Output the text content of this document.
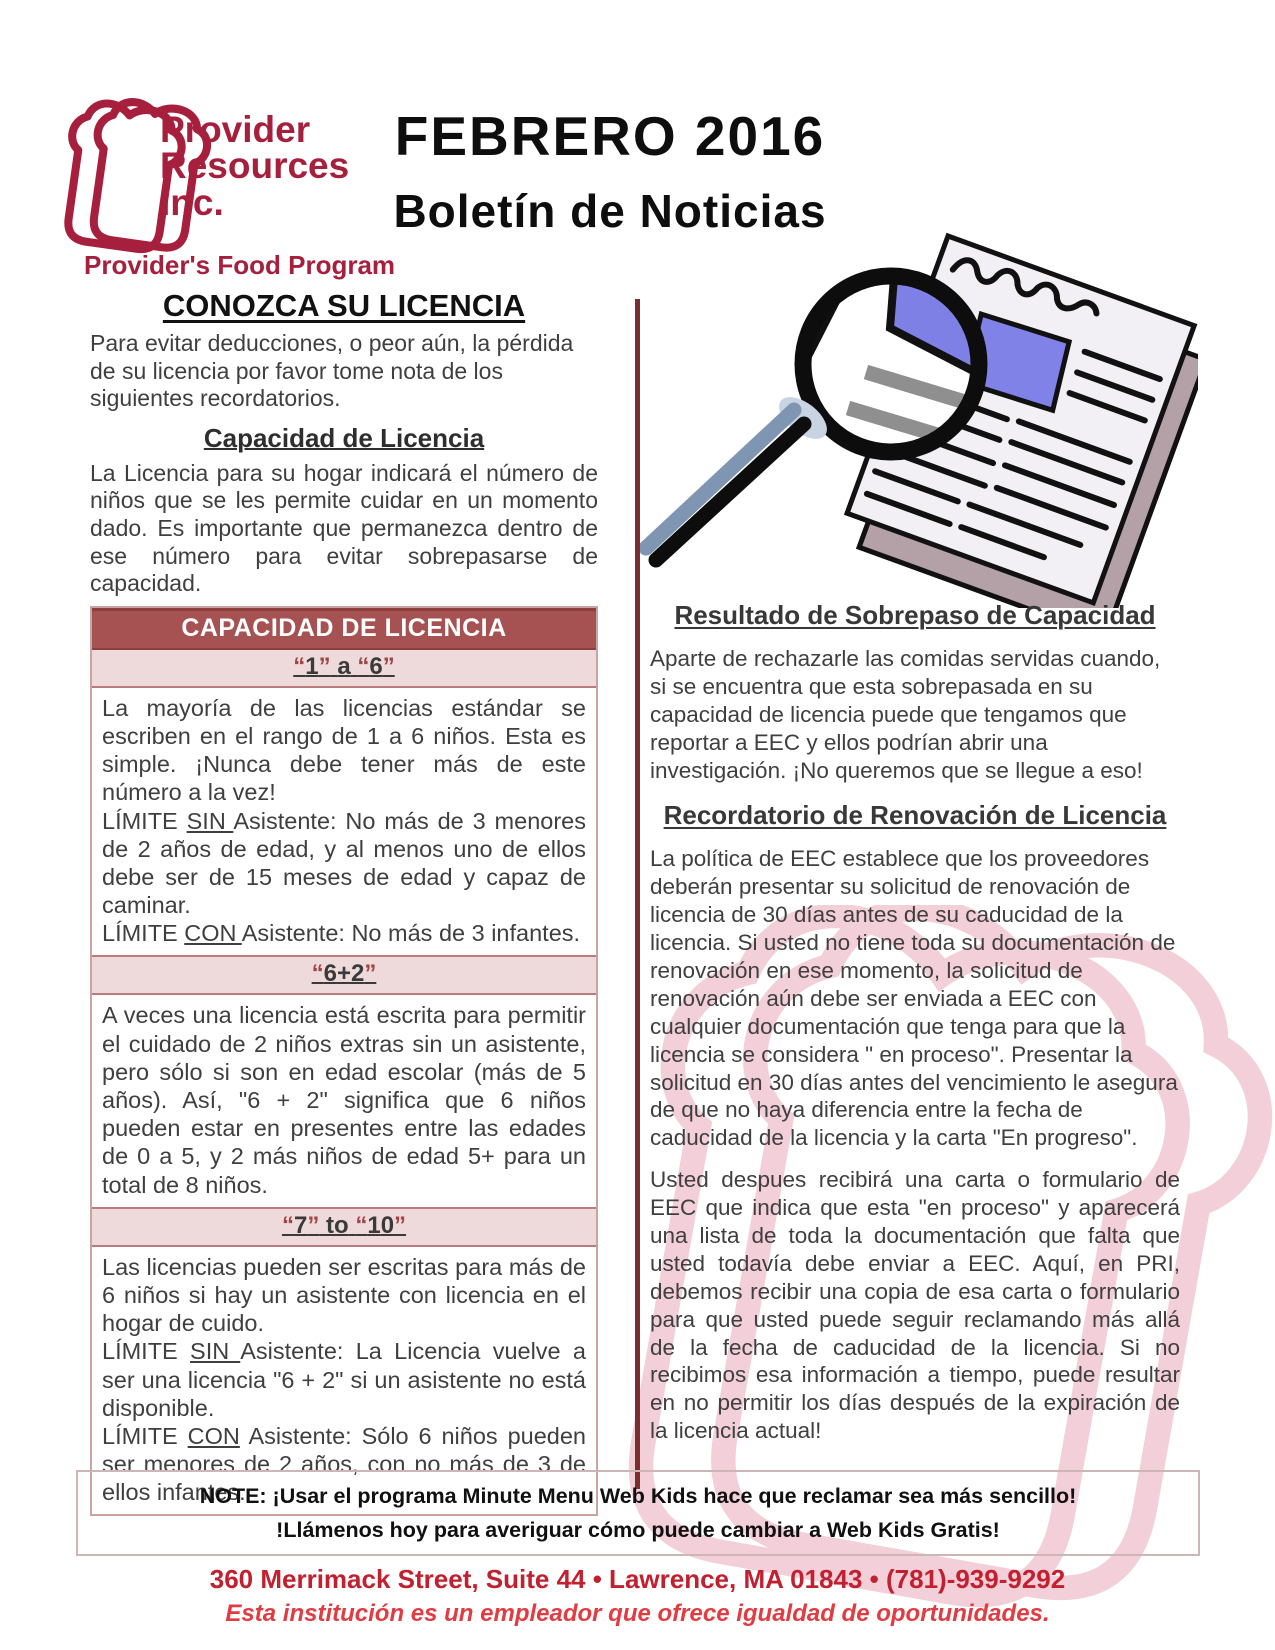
Provider
Resources
Inc.
Provider's Food Program
FEBRERO 2016
Boletín de Noticias
CONOZCA SU LICENCIA

Para evitar deducciones, o peor aún, la pérdida de su licencia por favor tome nota de los siguientes recordatorios.

Capacidad de Licencia

La Licencia para su hogar indicará el número de niños que se les permite cuidar en un momento dado. Es importante que permanezca dentro de ese número para evitar sobrepasarse de capacidad.

CAPACIDAD DE LICENCIA
“1” a “6”

La mayoría de las licencias estándar se escriben en el rango de 1 a 6 niños. Esta es simple. ¡Nunca debe tener más de este número a la vez!

LÍMITE SIN Asistente: No más de 3 menores de 2 años de edad, y al menos uno de ellos debe ser de 15 meses de edad y capaz de caminar.

LÍMITE CON Asistente: No más de 3 infantes.

“6+2”

A veces una licencia está escrita para permitir el cuidado de 2 niños extras sin un asistente, pero sólo si son en edad escolar (más de 5 años). Así, "6 + 2" significa que 6 niños pueden estar en presentes entre las edades de 0 a 5, y 2 más niños de edad 5+ para un total de 8 niños.

“7” to “10”

Las licencias pueden ser escritas para más de 6 niños si hay un asistente con licencia en el hogar de cuido.

LÍMITE SIN Asistente: La Licencia vuelve a ser una licencia "6 + 2" si un asistente no está disponible.

LÍMITE CON Asistente: Sólo 6 niños pueden ser menores de 2 años, con no más de 3 de ellos infantes.

Resultado de Sobrepaso de Capacidad

Aparte de rechazarle las comidas servidas cuando, si se encuentra que esta sobrepasada en su capacidad de licencia puede que tengamos que reportar a EEC y ellos podrían abrir una investigación. ¡No queremos que se llegue a eso!

Recordatorio de Renovación de Licencia

La política de EEC establece que los proveedores deberán presentar su solicitud de renovación de licencia de 30 días antes de su caducidad de la licencia. Si usted no tiene toda su documentación de renovación en ese momento, la solicitud de renovación aún debe ser enviada a EEC con cualquier documentación que tenga para que la licencia se considera " en proceso". Presentar la solicitud en 30 días antes del vencimiento le asegura de que no haya diferencia entre la fecha de caducidad de la licencia y la carta "En progreso".

Usted despues recibirá una carta o formulario de EEC que indica que esta "en proceso" y aparecerá una lista de toda la documentación que falta que usted todavía debe enviar a EEC. Aquí, en PRI, debemos recibir una copia de esa carta o formulario para que usted puede seguir reclamando más allá de la fecha de caducidad de la licencia. Si no recibimos esa información a tiempo, puede resultar en no permitir los días después de la expiración de la licencia actual!

NOTE: ¡Usar el programa Minute Menu Web Kids hace que reclamar sea más sencillo!
!Llámenos hoy para averiguar cómo puede cambiar a Web Kids Gratis!
360 Merrimack Street, Suite 44 • Lawrence, MA 01843 • (781)-939-9292
Esta institución es un empleador que ofrece igualdad de oportunidades.
